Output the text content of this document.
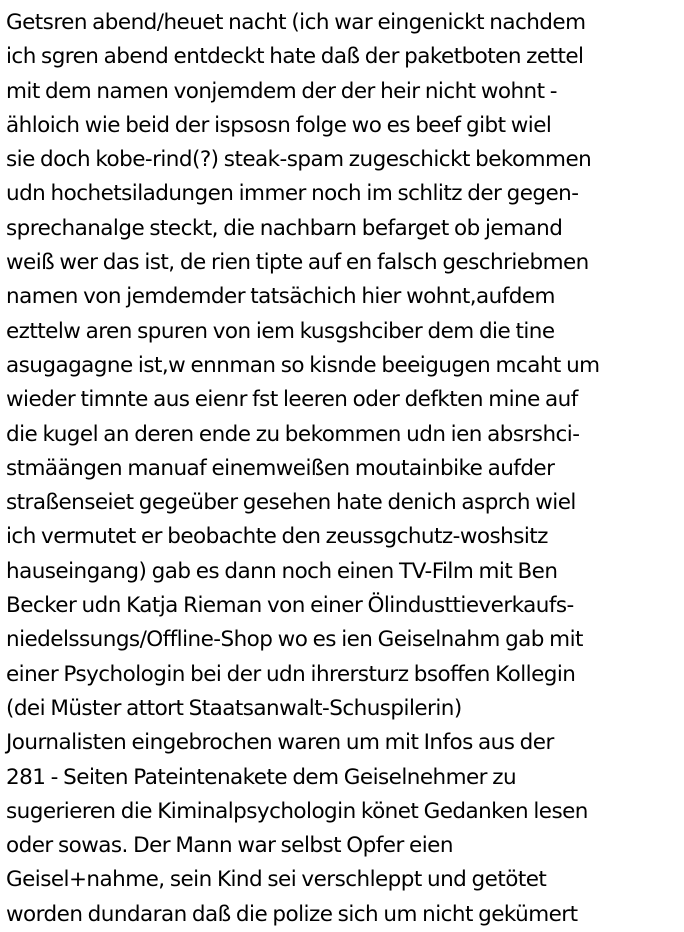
Getsren abend/heuet nacht (ich war eingenickt nachdem
ich sgren abend entdeckt hate daß der paketboten zettel
mit dem namen vonjemdem der der heir nicht wohnt -
ählоich wie beid der ispsosn folge wo es beef gibt wiel
sie doch kobe-rind(?) steak-spam zugeschickt bekommen
udn hochetsiladungen immer noch im schlitz der gegen-
sprechanalge steckt, die nachbarn befarget ob jemand
weiß wer das ist, de rien tipte auf en falsch geschriebmen
namen von jemdemder tatsächich hier wohnt,aufdem
ezttelw aren spuren von iem kusgshciber dem die tine
asugagagne ist,w ennman so kisnde beeigugen mcaht um
wieder timnte aus eienr fst leeren oder defkten mine auf
die kugel an deren ende zu bekommen udn ien absrshci-
stmäängen manuaf einemweißen moutainbike aufder
straßenseiet gegeüber gesehen hate denich asprch wiel
ich vermutet er beobachte den zeussgchutz-woshsitz
hauseingang) gab es dann noch einen TV-Film mit Ben
Becker udn Katja Rieman von einer Ölindusttieverkaufs-
niedelssungs/Offline-Shop wo es ien Geiselnahm gab mit
einer Psychologin bei der udn ihrersturz bsoffen Kollegin
(dei Müster attort Staatsanwalt-Schuspilerin)
Journalisten eingebrochen waren um mit Infos aus der
281 - Seiten Pateintenakete dem Geiselnehmer zu
sugerieren die Kiminalpsychologin könet Gedanken lesen
oder sowas. Der Mann war selbst Opfer eien
Geisel+nahme, sein Kind sei verschleppt und getötet
worden dundaran daß die polize sich um nicht gekümert
